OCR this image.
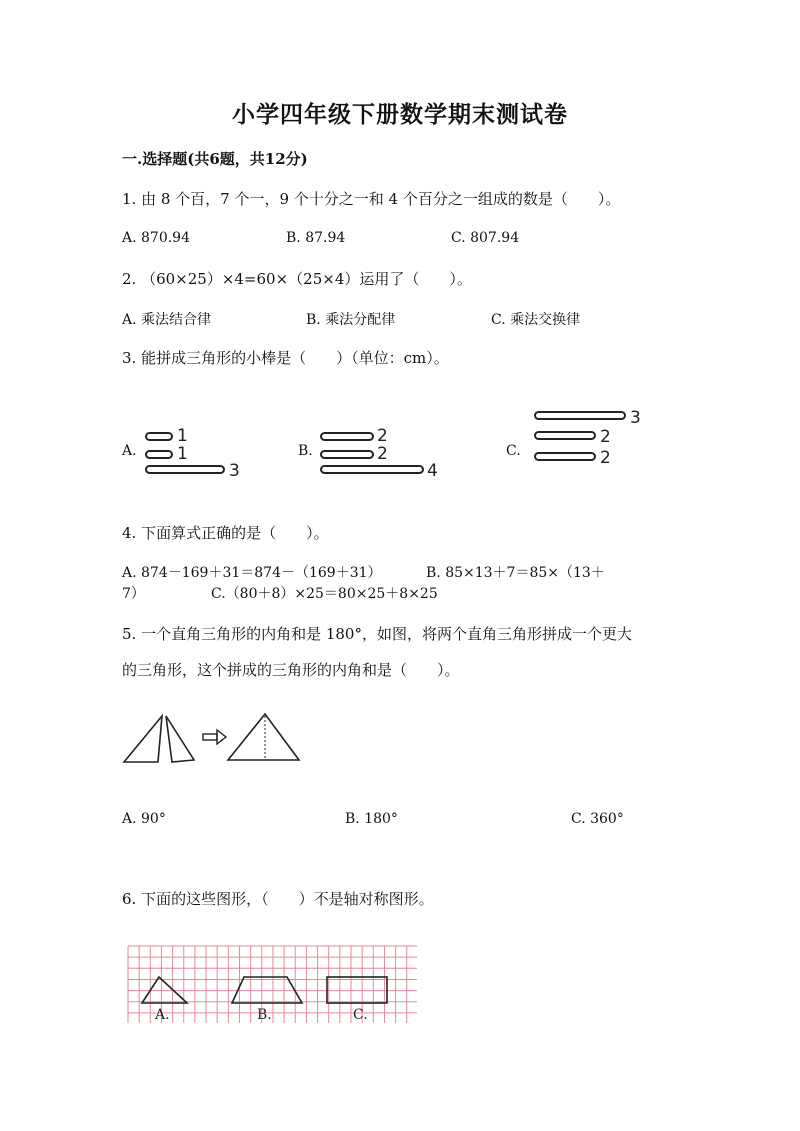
小学四年级下册数学期末测试卷
一.选择题(共6题，共12分)
1. 由 8 个百，7 个一，9 个十分之一和 4 个百分之一组成的数是（　　）。
A. 870.94	B. 87.94	C. 807.94
2. （60×25）×4=60×（25×4）运用了（　　）。
A. 乘法结合律	B. 乘法分配律	C. 乘法交换律
3. 能拼成三角形的小棒是（　　）（单位：cm）。
A.
1
1
3
B.
2
2
4
C.
3
2
2
4. 下面算式正确的是（　　）。
A. 874－169＋31＝874－（169＋31）	B. 85×13＋7＝85×（13＋
7）	C.（80＋8）×25＝80×25＋8×25
5. 一个直角三角形的内角和是 180°，如图，将两个直角三角形拼成一个更大
的三角形，这个拼成的三角形的内角和是（　　）。
A. 90°	B. 180°	C. 360°
6. 下面的这些图形，（　　）不是轴对称图形。
A.	B.	C.
